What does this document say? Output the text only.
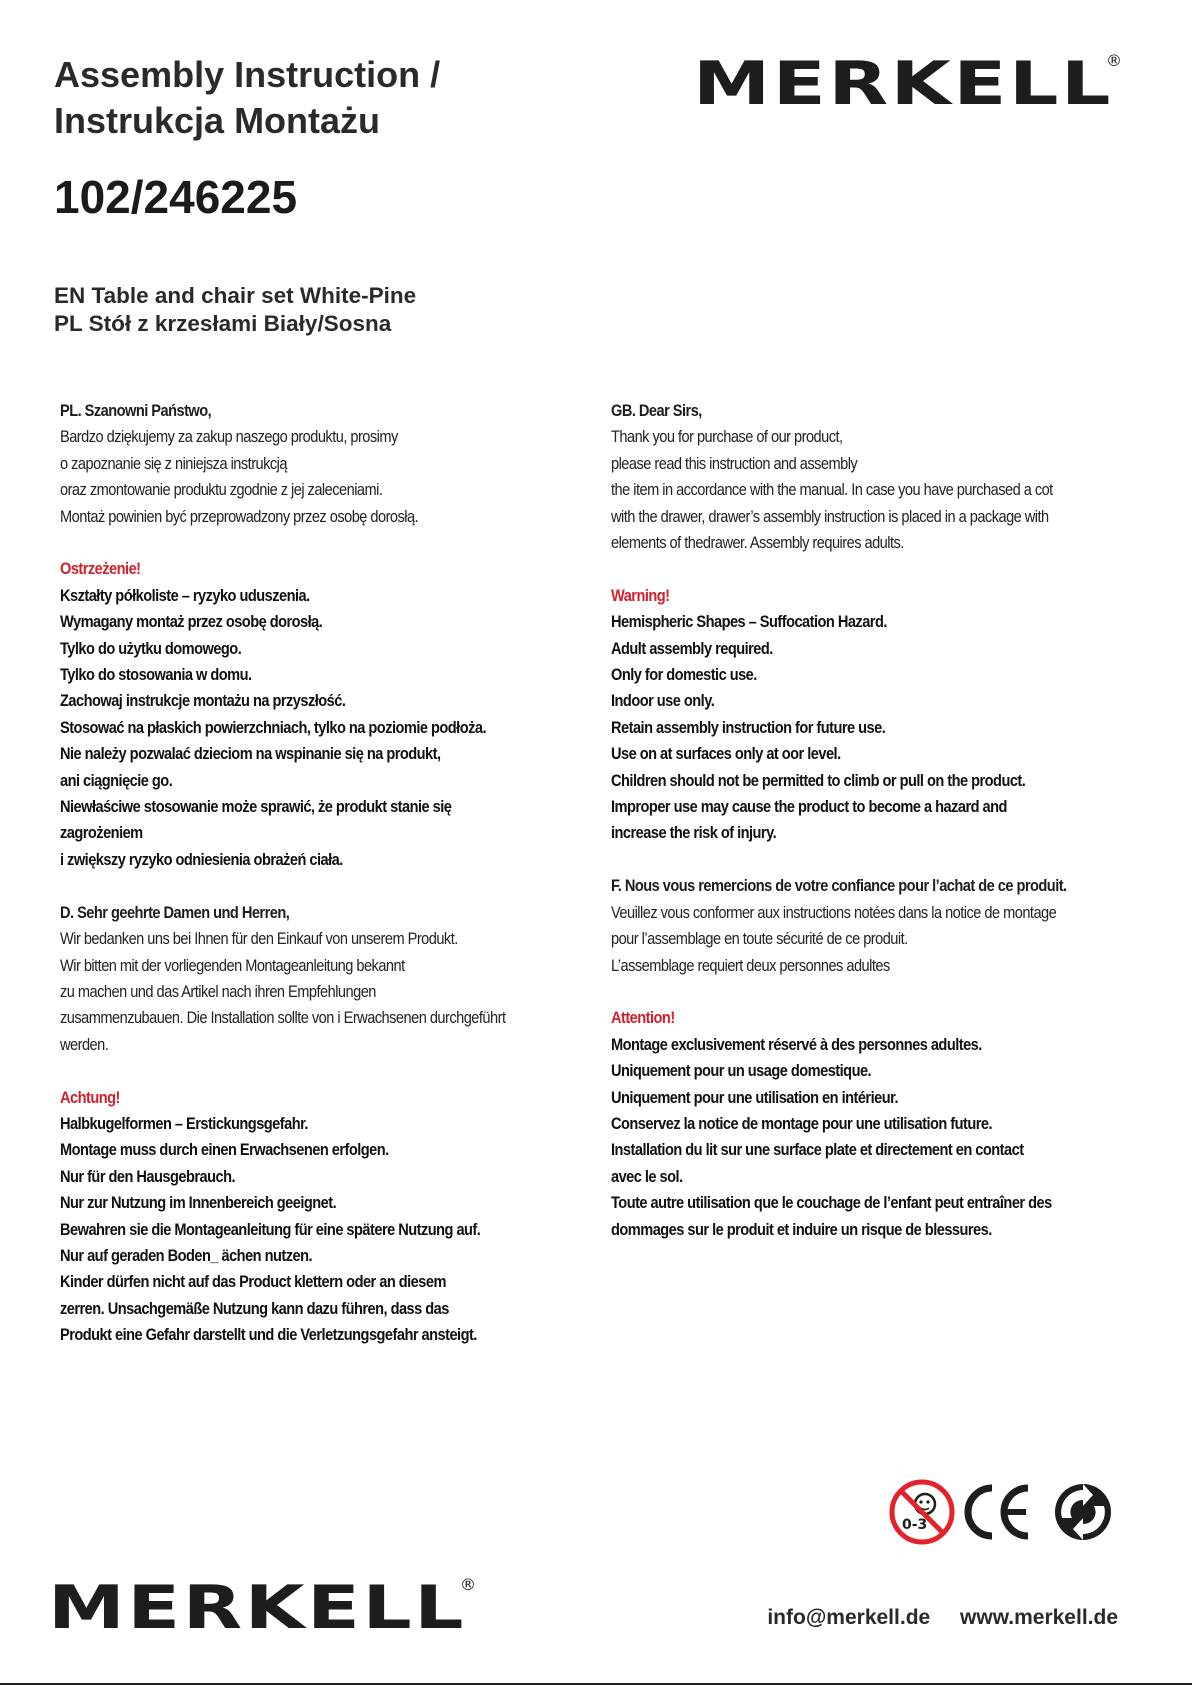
Assembly Instruction /
Instrukcja Montażu
102/246225
EN Table and chair set White-Pine
PL Stół z krzesłami Biały/Sosna
MERKELL
®
PL. Szanowni Państwo,
Bardzo dziękujemy za zakup naszego produktu, prosimy
o zapoznanie się z niniejsza instrukcją
oraz zmontowanie produktu zgodnie z jej zaleceniami.
Montaż powinien być przeprowadzony przez osobę dorosłą.
Ostrzeżenie!
Kształty półkoliste – ryzyko uduszenia.
Wymagany montaż przez osobę dorosłą.
Tylko do użytku domowego.
Tylko do stosowania w domu.
Zachowaj instrukcje montażu na przyszłość.
Stosować na płaskich powierzchniach, tylko na poziomie podłoża.
Nie należy pozwalać dzieciom na wspinanie się na produkt,
ani ciągnięcie go.
Niewłaściwe stosowanie może sprawić, że produkt stanie się
zagrożeniem
i zwiększy ryzyko odniesienia obrażeń ciała.
D. Sehr geehrte Damen und Herren,
Wir bedanken uns bei Ihnen für den Einkauf von unserem Produkt.
Wir bitten mit der vorliegenden Montageanleitung bekannt
zu machen und das Artikel nach ihren Empfehlungen
zusammenzubauen. Die Installation sollte von i Erwachsenen durchgeführt
werden.
Achtung!
Halbkugelformen – Erstickungsgefahr.
Montage muss durch einen Erwachsenen erfolgen.
Nur für den Hausgebrauch.
Nur zur Nutzung im Innenbereich geeignet.
Bewahren sie die Montageanleitung für eine spätere Nutzung auf.
Nur auf geraden Boden_ ächen nutzen.
Kinder dürfen nicht auf das Product klettern oder an diesem
zerren. Unsachgemäße Nutzung kann dazu führen, dass das
Produkt eine Gefahr darstellt und die Verletzungsgefahr ansteigt.
GB. Dear Sirs,
Thank you for purchase of our product,
please read this instruction and assembly
the item in accordance with the manual. In case you have purchased a cot
with the drawer, drawer’s assembly instruction is placed in a package with
elements of thedrawer. Assembly requires adults.
Warning!
Hemispheric Shapes – Suffocation Hazard.
Adult assembly required.
Only for domestic use.
Indoor use only.
Retain assembly instruction for future use.
Use on at surfaces only at oor level.
Children should not be permitted to climb or pull on the product.
Improper use may cause the product to become a hazard and
increase the risk of injury.
F. Nous vous remercions de votre confiance pour l’achat de ce produit.
Veuillez vous conformer aux instructions notées dans la notice de montage
pour l’assemblage en toute sécurité de ce produit.
L’assemblage requiert deux personnes adultes
Attention!
Montage exclusivement réservé à des personnes adultes.
Uniquement pour un usage domestique.
Uniquement pour une utilisation en intérieur.
Conservez la notice de montage pour une utilisation future.
Installation du lit sur une surface plate et directement en contact
avec le sol.
Toute autre utilisation que le couchage de l’enfant peut entraîner des
dommages sur le produit et induire un risque de blessures.
0-3
MERKELL
®
info@merkell.de www.merkell.de
